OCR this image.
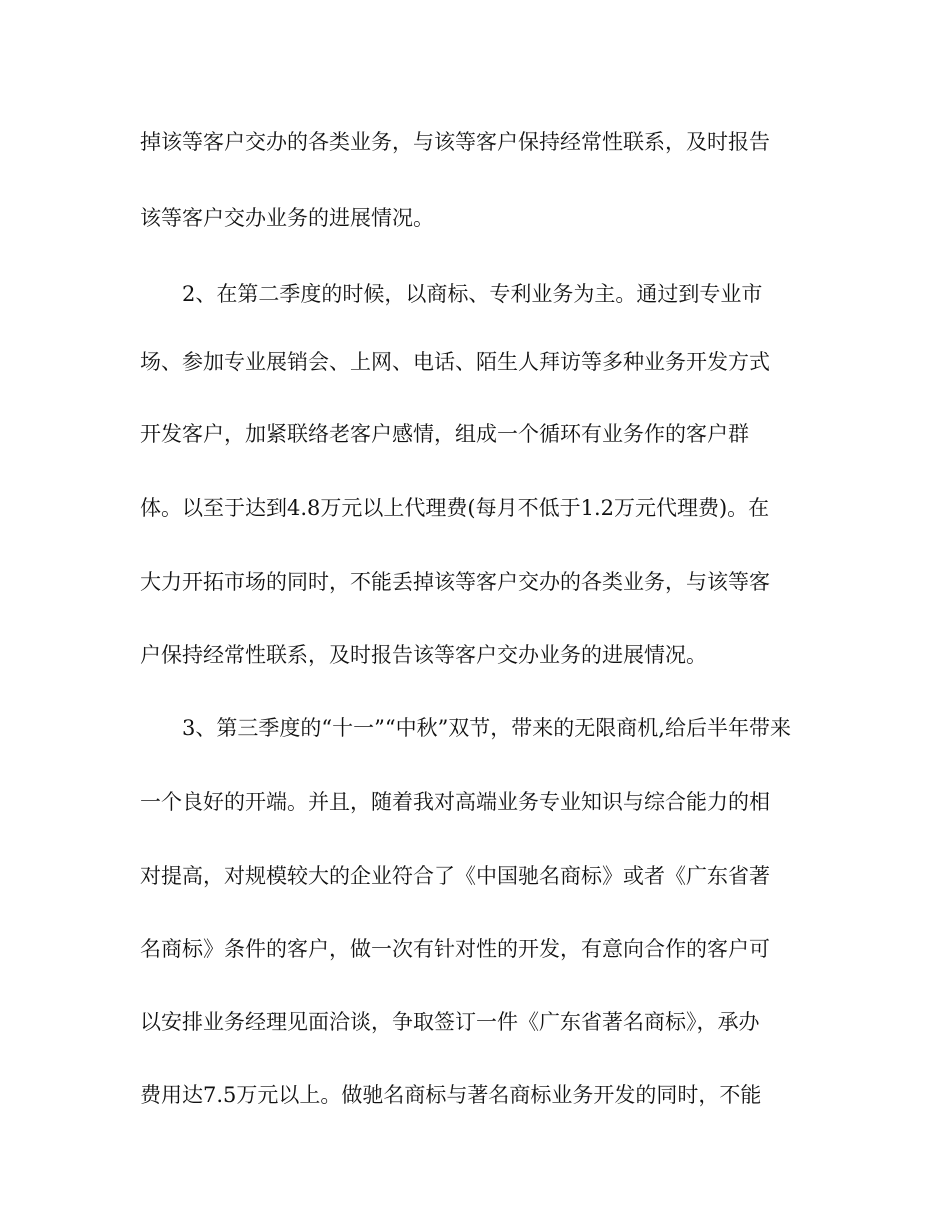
掉该等客户交办的各类业务，与该等客户保持经常性联系，及时报告
该等客户交办业务的进展情况。
2、在第二季度的时候，以商标、专利业务为主。通过到专业市
场、参加专业展销会、上网、电话、陌生人拜访等多种业务开发方式
开发客户，加紧联络老客户感情，组成一个循环有业务作的客户群
体。以至于达到4.8万元以上代理费(每月不低于1.2万元代理费)。在
大力开拓市场的同时，不能丢掉该等客户交办的各类业务，与该等客
户保持经常性联系，及时报告该等客户交办业务的进展情况。
3、第三季度的“十一”“中秋”双节，带来的无限商机,给后半年带来
一个良好的开端。并且，随着我对高端业务专业知识与综合能力的相
对提高，对规模较大的企业符合了《中国驰名商标》或者《广东省著
名商标》条件的客户，做一次有针对性的开发，有意向合作的客户可
以安排业务经理见面洽谈，争取签订一件《广东省著名商标》，承办
费用达7.5万元以上。做驰名商标与著名商标业务开发的同时，不能
